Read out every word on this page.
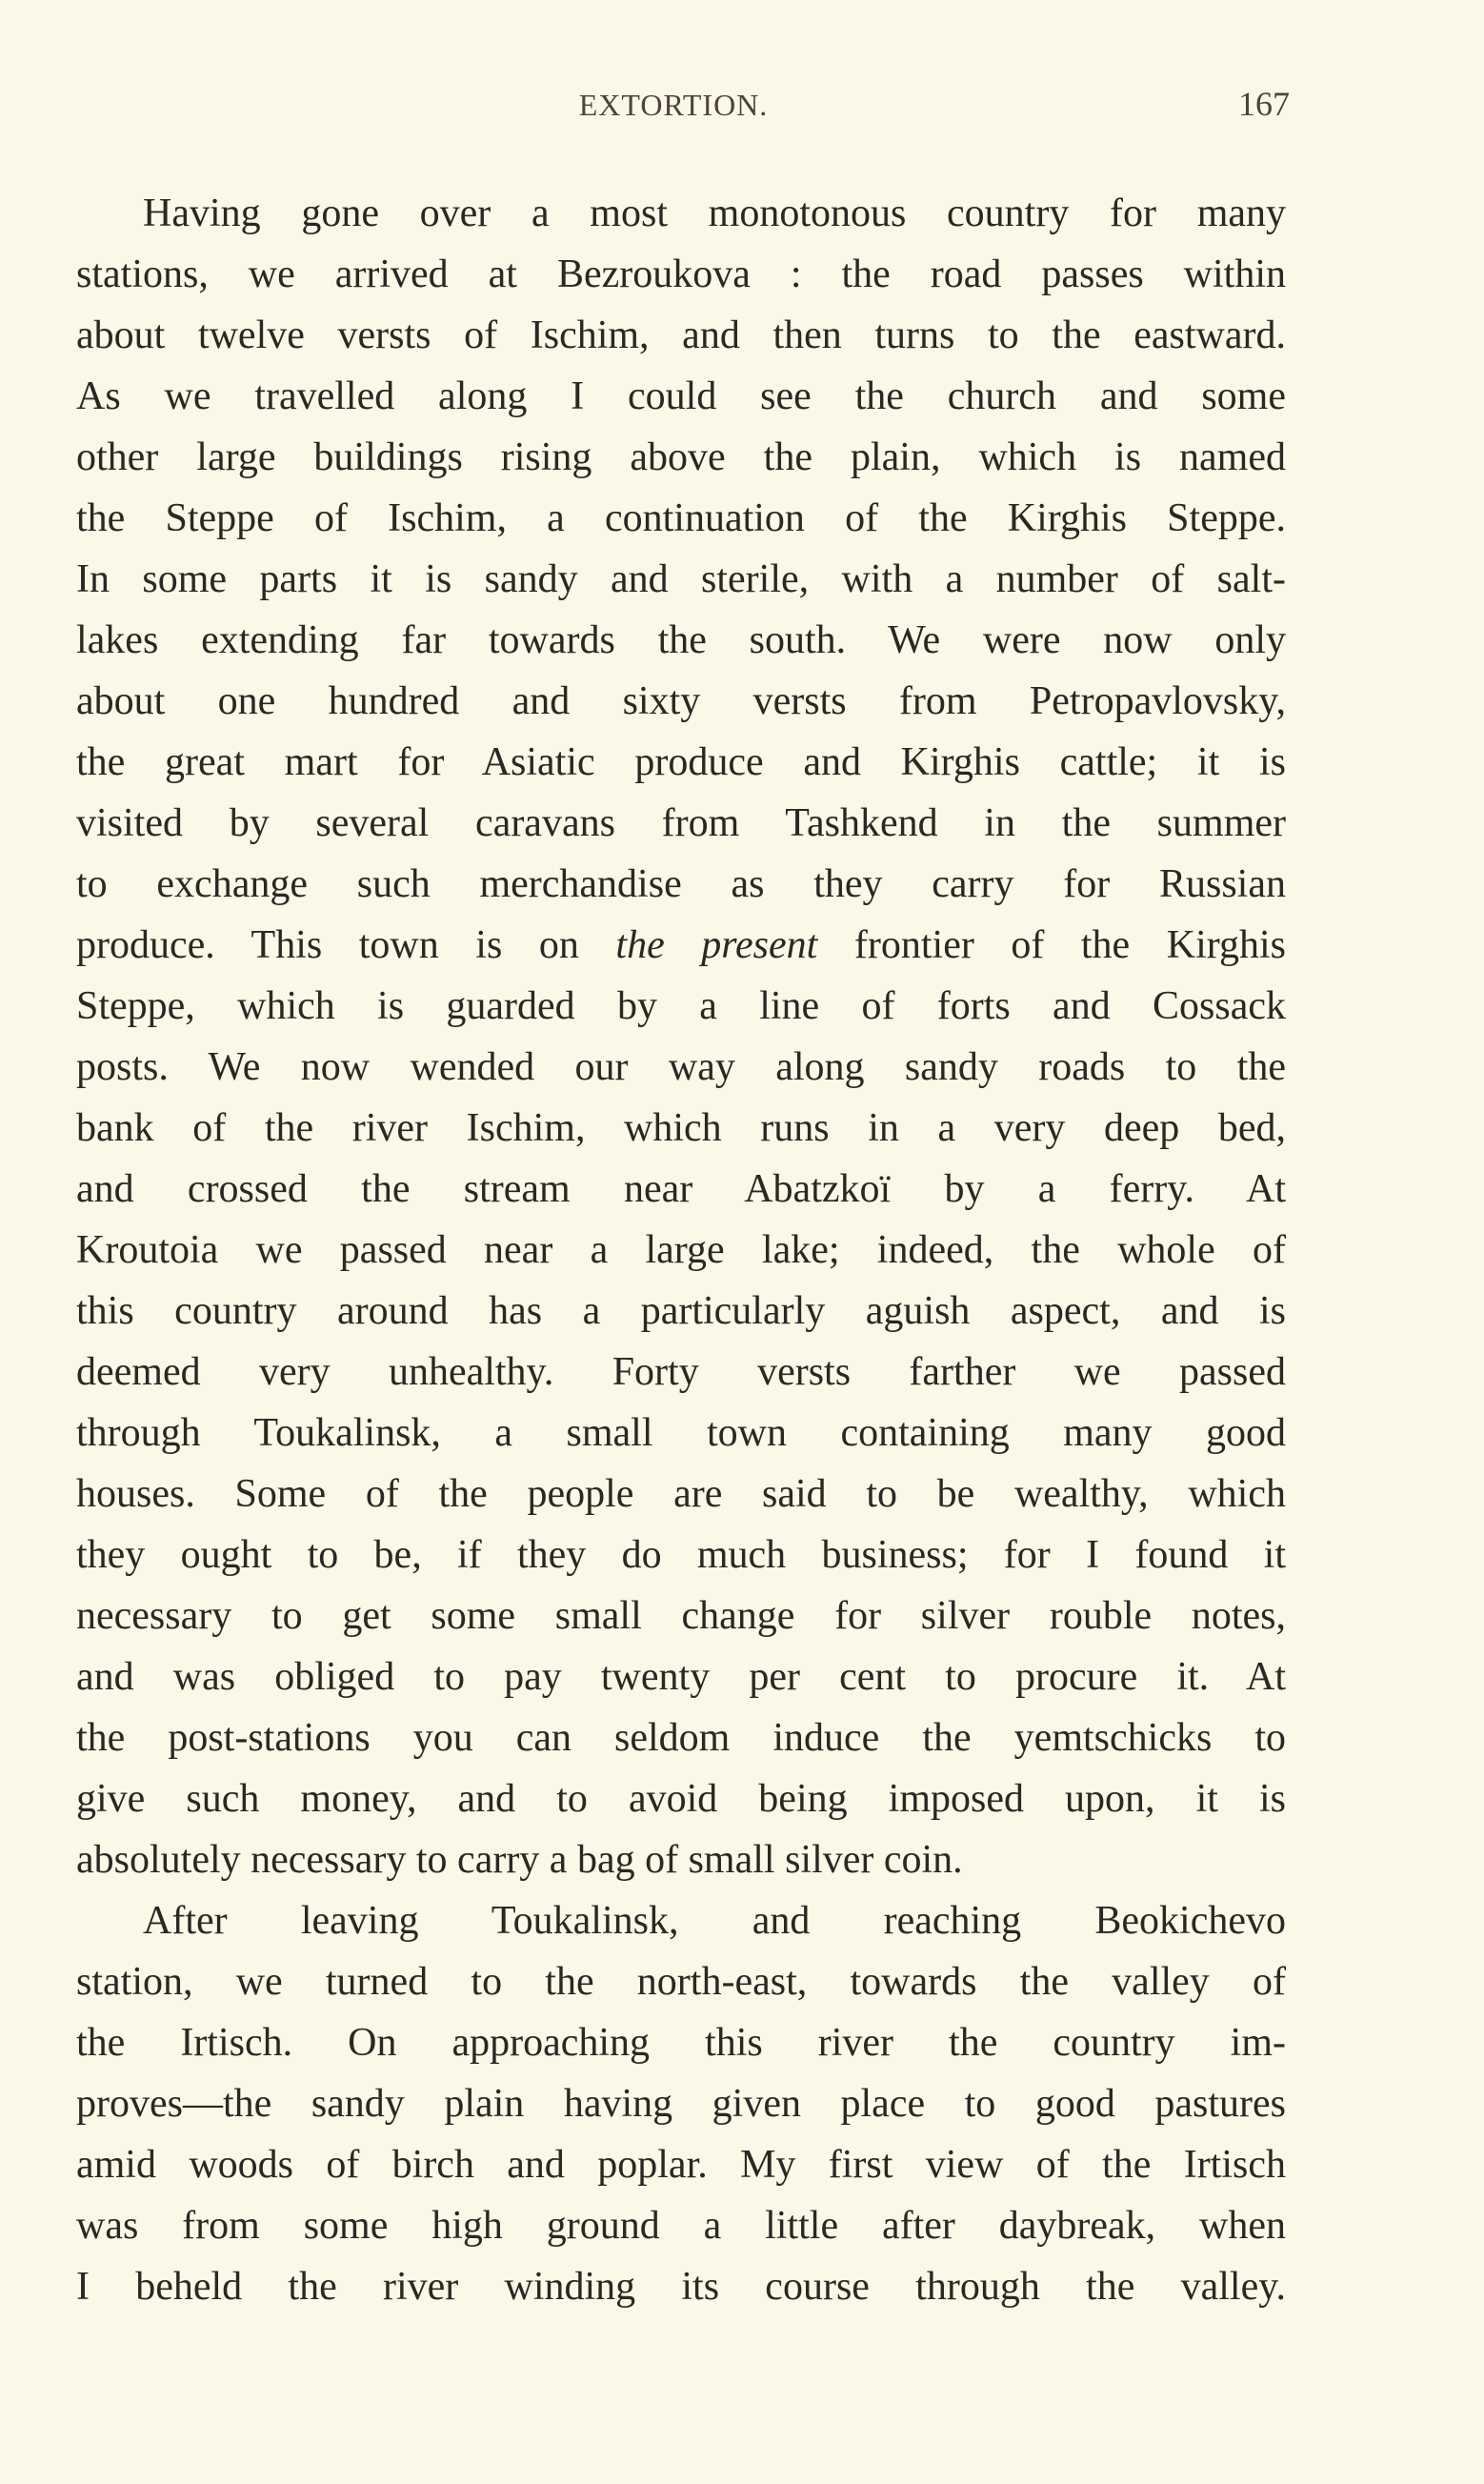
EXTORTION.	167
Having gone over a most monotonous country for many
stations, we arrived at Bezroukova : the road passes within
about twelve versts of Ischim, and then turns to the eastward.
As we travelled along I could see the church and some
other large buildings rising above the plain, which is named
the Steppe of Ischim, a continuation of the Kirghis Steppe.
In some parts it is sandy and sterile, with a number of salt-
lakes extending far towards the south. We were now only
about one hundred and sixty versts from Petropavlovsky,
the great mart for Asiatic produce and Kirghis cattle; it is
visited by several caravans from Tashkend in the summer
to exchange such merchandise as they carry for Russian
produce. This town is on the present frontier of the Kirghis
Steppe, which is guarded by a line of forts and Cossack
posts. We now wended our way along sandy roads to the
bank of the river Ischim, which runs in a very deep bed,
and crossed the stream near Abatzkoï by a ferry. At
Kroutoia we passed near a large lake; indeed, the whole of
this country around has a particularly aguish aspect, and is
deemed very unhealthy. Forty versts farther we passed
through Toukalinsk, a small town containing many good
houses. Some of the people are said to be wealthy, which
they ought to be, if they do much business; for I found it
necessary to get some small change for silver rouble notes,
and was obliged to pay twenty per cent to procure it. At
the post-stations you can seldom induce the yemtschicks to
give such money, and to avoid being imposed upon, it is
absolutely necessary to carry a bag of small silver coin.
After leaving Toukalinsk, and reaching Beokichevo
station, we turned to the north-east, towards the valley of
the Irtisch. On approaching this river the country im-
proves—the sandy plain having given place to good pastures
amid woods of birch and poplar. My first view of the Irtisch
was from some high ground a little after daybreak, when
I beheld the river winding its course through the valley.
